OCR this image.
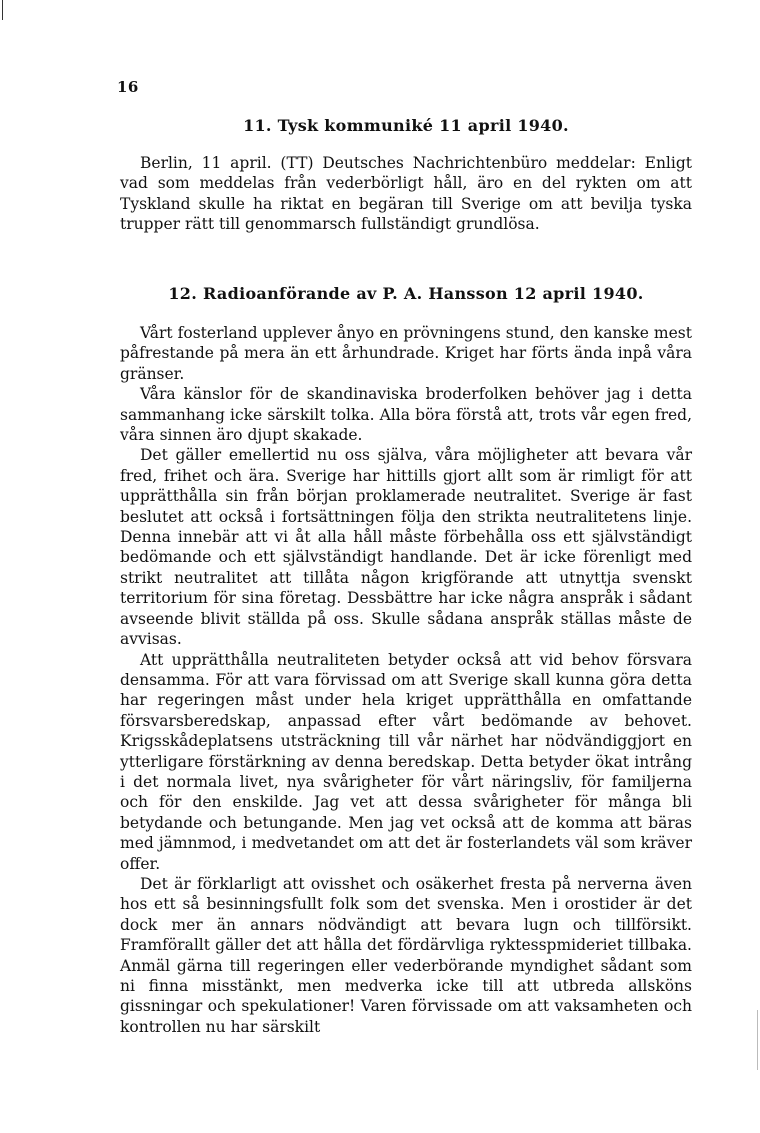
16
11. Tysk kommuniké 11 april 1940.

Berlin, 11 april. (TT) Deutsches Nachrichtenbüro meddelar: Enligt vad som meddelas från vederbörligt håll, äro en del rykten om att Tyskland skulle ha riktat en begäran till Sverige om att bevilja tyska trupper rätt till genommarsch fullständigt grundlösa.

12. Radioanförande av P. A. Hansson 12 april 1940.

Vårt fosterland upplever ånyo en prövningens stund, den kanske mest påfrestande på mera än ett århundrade. Kriget har förts ända inpå våra gränser.

Våra känslor för de skandinaviska broderfolken behöver jag i detta sammanhang icke särskilt tolka. Alla böra förstå att, trots vår egen fred, våra sinnen äro djupt skakade.

Det gäller emellertid nu oss själva, våra möjligheter att bevara vår fred, frihet och ära. Sverige har hittills gjort allt som är rimligt för att upprätthålla sin från början proklamerade neutralitet. Sverige är fast beslutet att också i fortsättningen följa den strikta neutralitetens linje. Denna innebär att vi åt alla håll måste förbehålla oss ett självständigt bedömande och ett självständigt handlande. Det är icke förenligt med strikt neutralitet att tillåta någon krigförande att utnyttja svenskt territorium för sina företag. Dessbättre har icke några anspråk i sådant avseende blivit ställda på oss. Skulle sådana anspråk ställas måste de avvisas.

Att upprätthålla neutraliteten betyder också att vid behov försvara densamma. För att vara förvissad om att Sverige skall kunna göra detta har regeringen måst under hela kriget upprätthålla en omfattande försvarsberedskap, anpassad efter vårt bedömande av behovet. Krigsskådeplatsens utsträckning till vår närhet har nödvändiggjort en ytterligare förstärkning av denna beredskap. Detta betyder ökat intrång i det normala livet, nya svårigheter för vårt näringsliv, för familjerna och för den enskilde. Jag vet att dessa svårigheter för många bli betydande och betungande. Men jag vet också att de komma att bäras med jämnmod, i medvetandet om att det är fosterlandets väl som kräver offer.

Det är förklarligt att ovisshet och osäkerhet fresta på nerverna även hos ett så besinningsfullt folk som det svenska. Men i orostider är det dock mer än annars nödvändigt att bevara lugn och tillförsikt. Framförallt gäller det att hålla det fördärvliga ryktesspmideriet tillbaka. Anmäl gärna till regeringen eller vederbörande myndighet sådant som ni finna misstänkt, men medverka icke till att utbreda allsköns gissningar och spekulationer! Varen förvissade om att vaksamheten och kontrollen nu har särskilt
